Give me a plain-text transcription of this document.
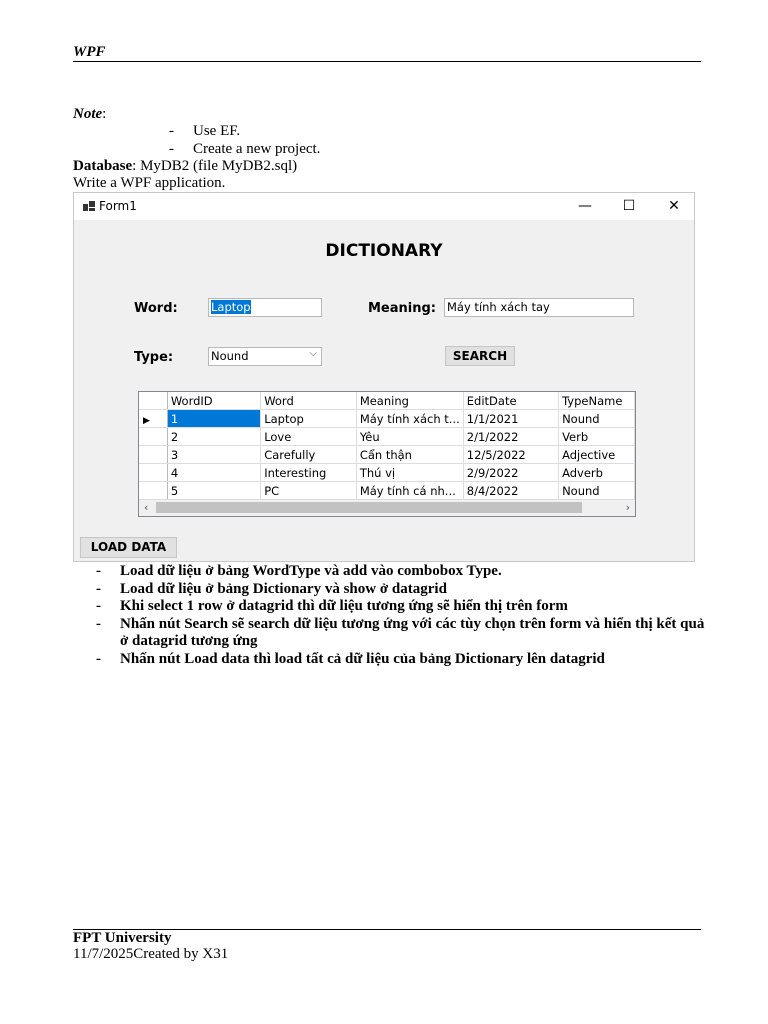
WPF
Note:
- Use EF.
- Create a new project.
Database: MyDB2 (file MyDB2.sql)
Write a WPF application.
Form1	—	☐	✕
DICTIONARY
Word:	Laptop	Meaning: Máy tính xách tay
Type:	Nound	⌵	SEARCH
	WordID	Word	Meaning	EditDate	TypeName
▶	1	Laptop	Máy tính xách t...	1/1/2021	Nound
	2	Love	Yêu	2/1/2022	Verb
	3	Carefully	Cẩn thận	12/5/2022	Adjective
	4	Interesting	Thú vị	2/9/2022	Adverb
	5	PC	Máy tính cá nh...	8/4/2022	Nound
‹	›
LOAD DATA
- Load dữ liệu ở bảng WordType và add vào combobox Type.
- Load dữ liệu ở bảng Dictionary và show ở datagrid
- Khi select 1 row ở datagrid thì dữ liệu tương ứng sẽ hiển thị trên form
- Nhấn nút Search sẽ search dữ liệu tương ứng với các tùy chọn trên form và hiển thị kết quả ở datagrid tương ứng
- Nhấn nút Load data thì load tất cả dữ liệu của bảng Dictionary lên datagrid
FPT University
11/7/2025Created by X31
